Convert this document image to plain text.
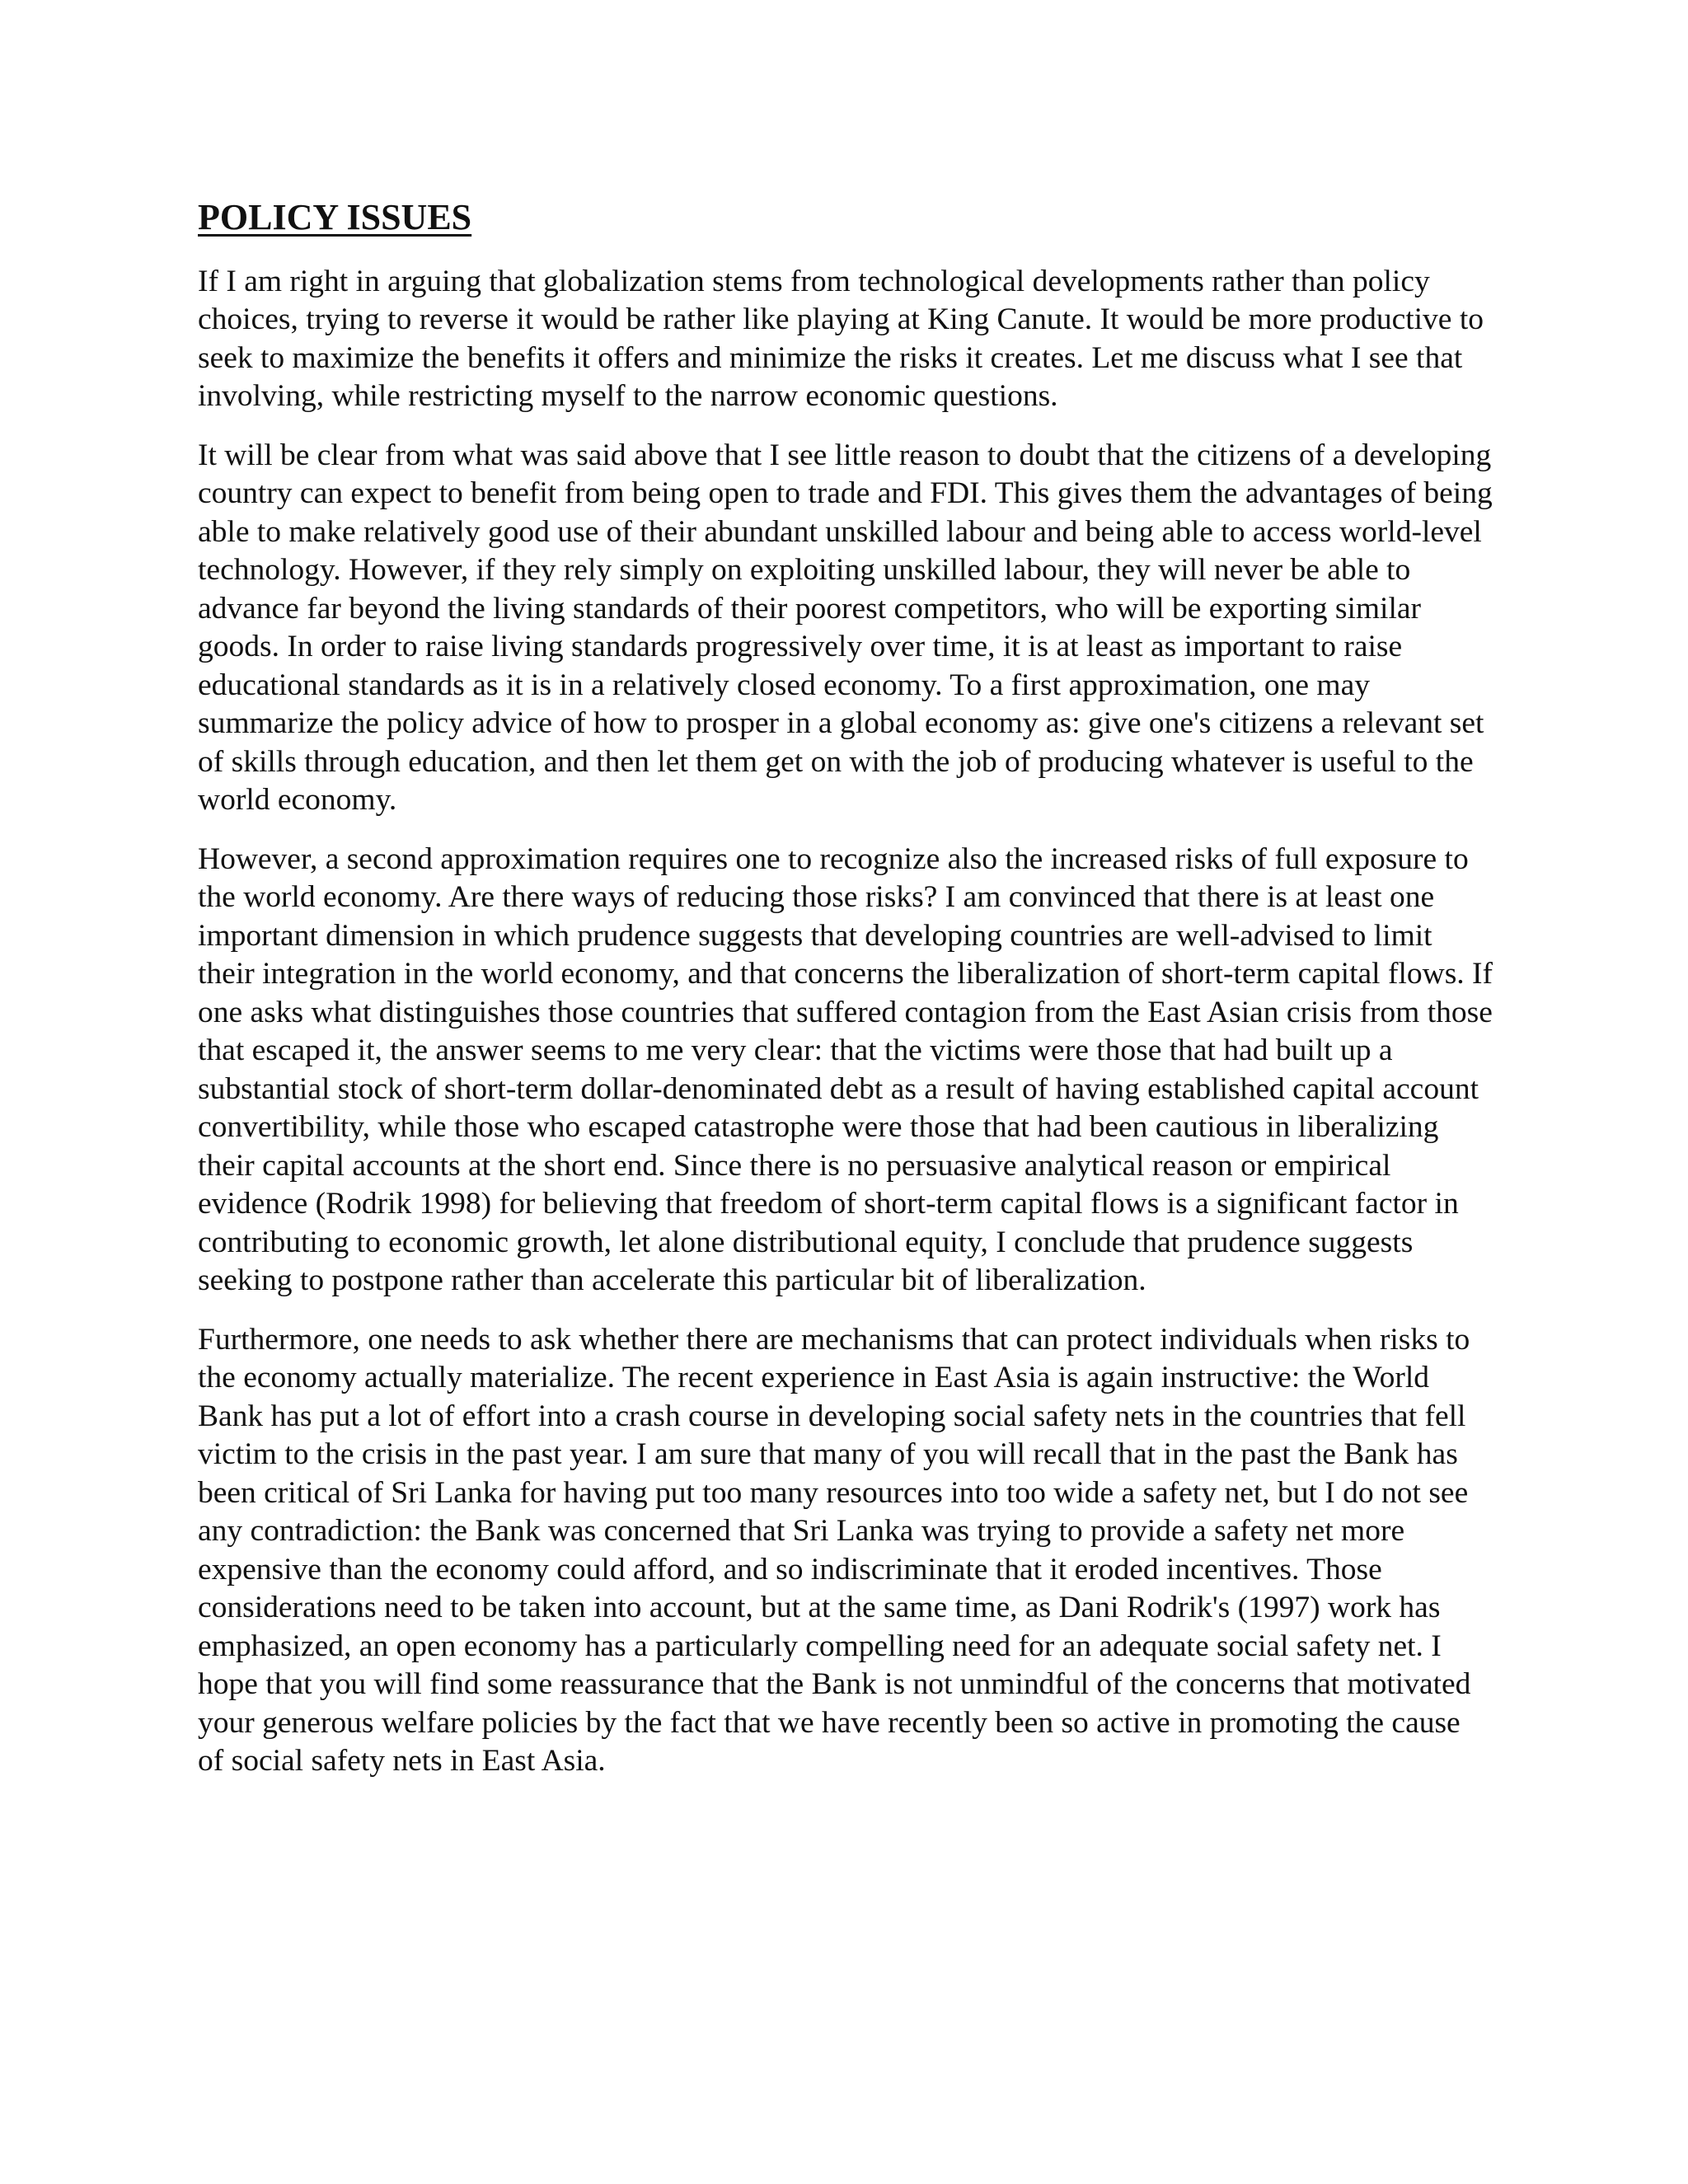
POLICY ISSUES

If I am right in arguing that globalization stems from technological developments rather than policy choices, trying to reverse it would be rather like playing at King Canute. It would be more productive to seek to maximize the benefits it offers and minimize the risks it creates. Let me discuss what I see that involving, while restricting myself to the narrow economic questions.

It will be clear from what was said above that I see little reason to doubt that the citizens of a developing country can expect to benefit from being open to trade and FDI. This gives them the advantages of being able to make relatively good use of their abundant unskilled labour and being able to access world-level technology. However, if they rely simply on exploiting unskilled labour, they will never be able to advance far beyond the living standards of their poorest competitors, who will be exporting similar goods. In order to raise living standards progressively over time, it is at least as important to raise educational standards as it is in a relatively closed economy. To a first approximation, one may summarize the policy advice of how to prosper in a global economy as: give one's citizens a relevant set of skills through education, and then let them get on with the job of producing whatever is useful to the world economy.

However, a second approximation requires one to recognize also the increased risks of full exposure to the world economy. Are there ways of reducing those risks? I am convinced that there is at least one important dimension in which prudence suggests that developing countries are well-advised to limit their integration in the world economy, and that concerns the liberalization of short-term capital flows. If one asks what distinguishes those countries that suffered contagion from the East Asian crisis from those that escaped it, the answer seems to me very clear: that the victims were those that had built up a substantial stock of short-term dollar-denominated debt as a result of having established capital account convertibility, while those who escaped catastrophe were those that had been cautious in liberalizing their capital accounts at the short end. Since there is no persuasive analytical reason or empirical evidence (Rodrik 1998) for believing that freedom of short-term capital flows is a significant factor in contributing to economic growth, let alone distributional equity, I conclude that prudence suggests seeking to postpone rather than accelerate this particular bit of liberalization.

Furthermore, one needs to ask whether there are mechanisms that can protect individuals when risks to the economy actually materialize. The recent experience in East Asia is again instructive: the World Bank has put a lot of effort into a crash course in developing social safety nets in the countries that fell victim to the crisis in the past year. I am sure that many of you will recall that in the past the Bank has been critical of Sri Lanka for having put too many resources into too wide a safety net, but I do not see any contradiction: the Bank was concerned that Sri Lanka was trying to provide a safety net more expensive than the economy could afford, and so indiscriminate that it eroded incentives. Those considerations need to be taken into account, but at the same time, as Dani Rodrik's (1997) work has emphasized, an open economy has a particularly compelling need for an adequate social safety net. I hope that you will find some reassurance that the Bank is not unmindful of the concerns that motivated your generous welfare policies by the fact that we have recently been so active in promoting the cause of social safety nets in East Asia.
